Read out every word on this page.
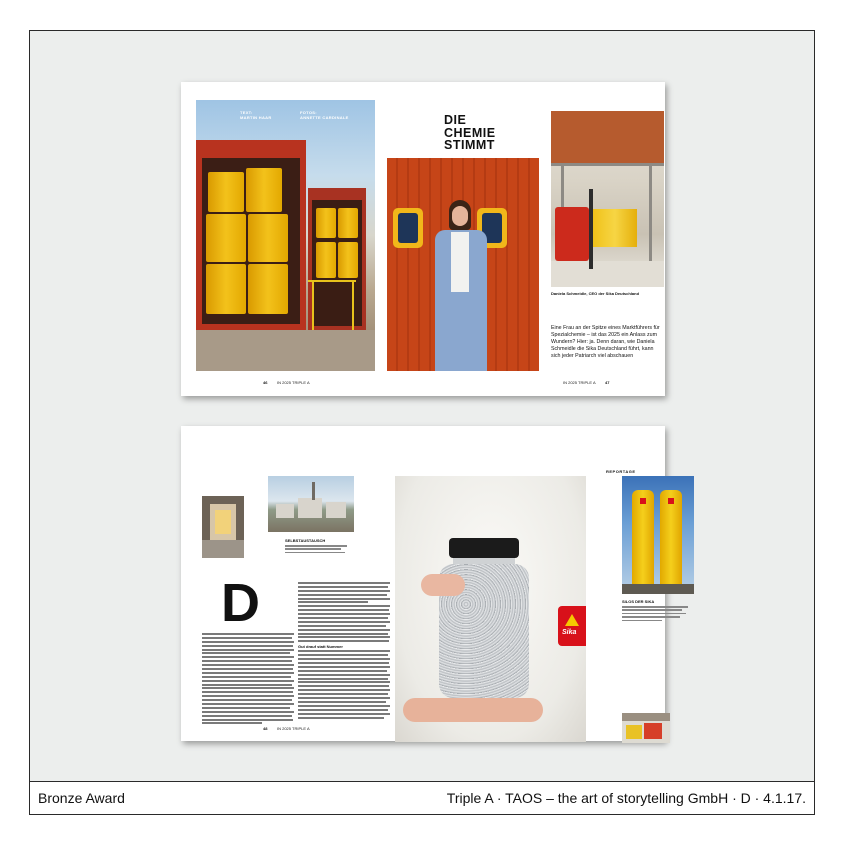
TEXT:
MARTIN HAAR
FOTOS:
ANNETTE CARDINALE	DIE
CHEMIE
STIMMT
Daniela Schmeidle, CEO der Sika Deutschland
Eine Frau an der Spitze eines Marktführers für Spezialchemie – ist das 2025 ein Anlass zum Wundern? Hier: ja. Denn daran, wie Daniela Schmeidle die Sika Deutschland führt, kann sich jeder Patriarch viel abschauen
46 IN 2025 TRIPLE A	IN 2025 TRIPLE A 47
SELBSTAUSTAUSCH
D
Gut drauf statt Nummer
Sika
REPORTAGE
SILOS DER SIKA
48 IN 2025 TRIPLE A
Bronze Award	Triple A · TAOS – the art of storytelling GmbH · D · 4.1.17.
